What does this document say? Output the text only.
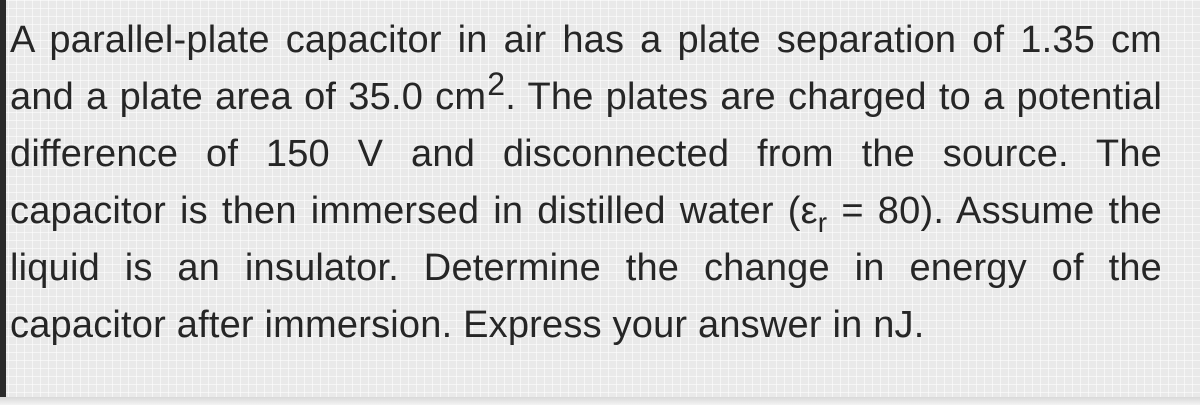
A parallel-plate capacitor in air has a plate separation of 1.35 cm
and a plate area of 35.0 $cm^2$. The plates are charged to a potential
difference of 150 V and disconnected from the source. The
capacitor is then immersed in distilled water $(\varepsilon_r = 80)$. Assume the
liquid is an insulator. Determine the change in energy of the
capacitor after immersion. Express your answer in nJ.
